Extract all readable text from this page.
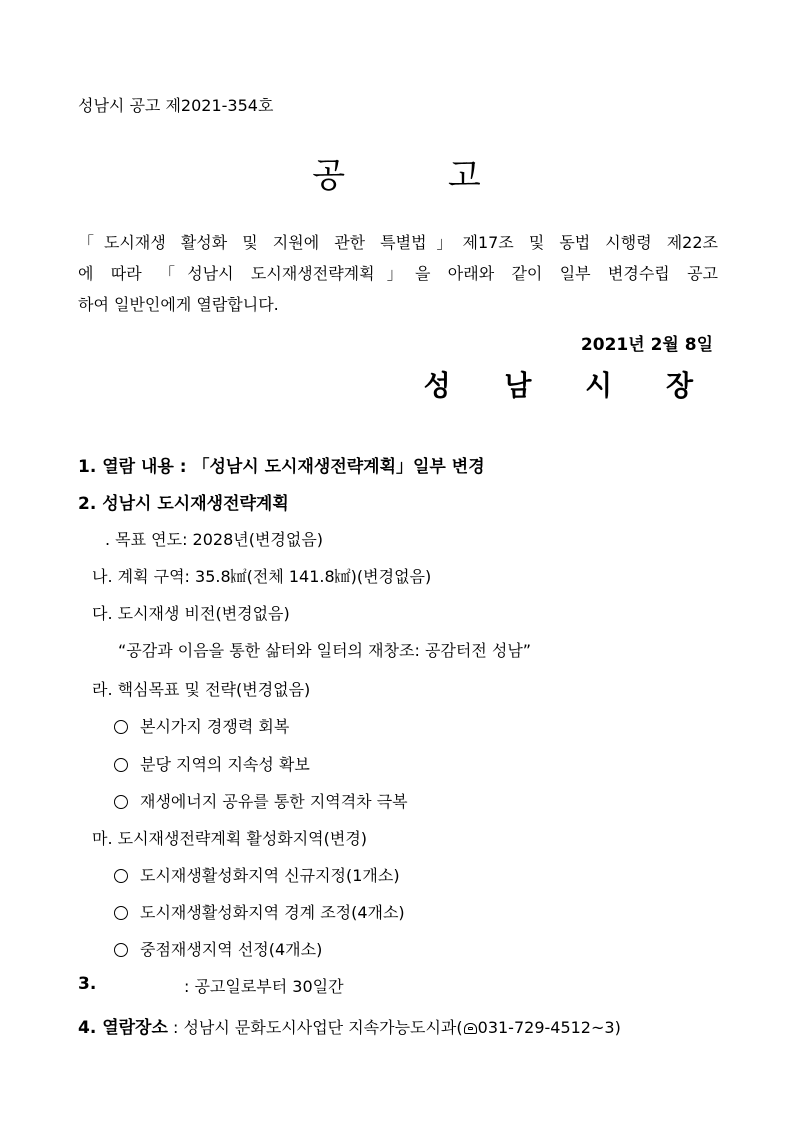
성남시 공고 제2021-354호
공 고
「도시재생 활성화 및 지원에 관한 특별법」제17조 및 동법 시행령 제22조
에 따라 「성남시 도시재생전략계획」을 아래와 같이 일부 변경수립 공고
하여 일반인에게 열람합니다.
2021년 2월 8일
성 남 시 장
1. 열람 내용 : 「성남시 도시재생전략계획」일부 변경
2. 성남시 도시재생전략계획
. 목표 연도: 2028년(변경없음)
나. 계획 구역: 35.8㎢(전체 141.8㎢)(변경없음)
다. 도시재생 비전(변경없음)
“공감과 이음을 통한 삶터와 일터의 재창조: 공감터전 성남”
라. 핵심목표 및 전략(변경없음)
본시가지 경쟁력 회복
분당 지역의 지속성 확보
재생에너지 공유를 통한 지역격차 극복
마. 도시재생전략계획 활성화지역(변경)
도시재생활성화지역 신규지정(1개소)
도시재생활성화지역 경계 조정(4개소)
중점재생지역 선정(4개소)
3.	: 공고일로부터 30일간
4. 열람장소 : 성남시 문화도시사업단 지속가능도시과( 031-729-4512~3)
